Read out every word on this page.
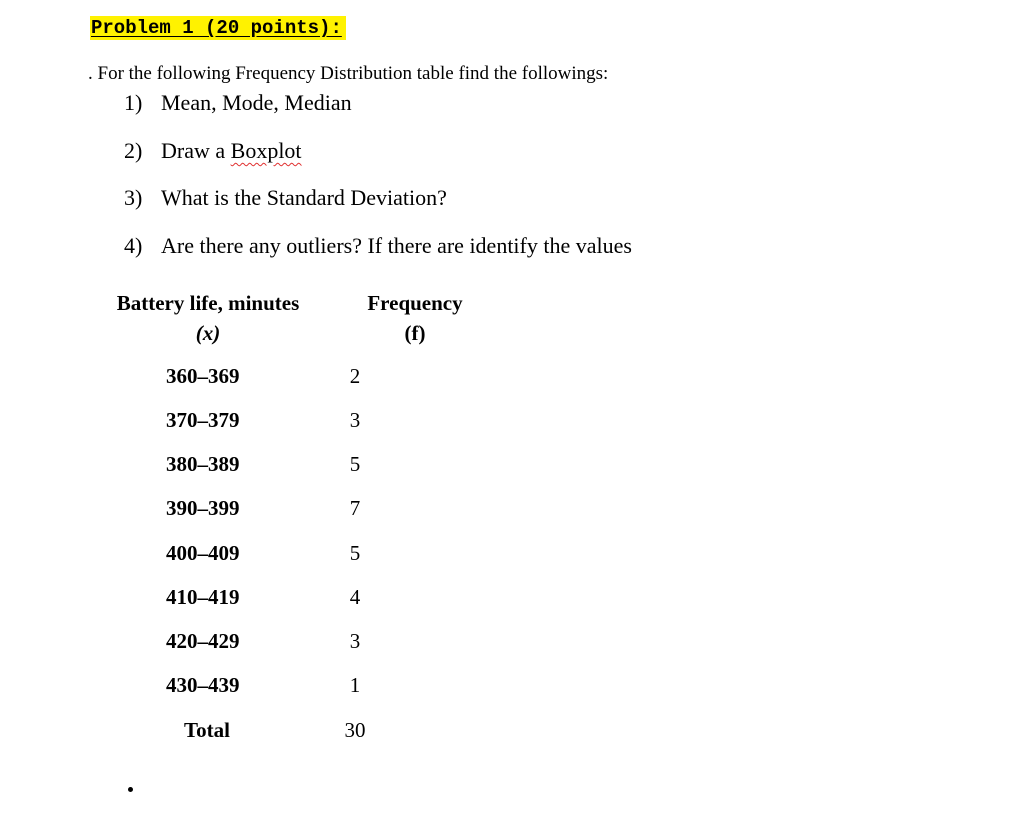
Problem 1 (20 points):
. For the following Frequency Distribution table find the followings:
1) Mean, Mode, Median
2) Draw a Boxplot
3) What is the Standard Deviation?
4) Are there any outliers? If there are identify the values
Battery life, minutes
(x)
Frequency
(f)
360–369	2
370–379	3
380–389	5
390–399	7
400–409	5
410–419	4
420–429	3
430–439	1
Total	30
